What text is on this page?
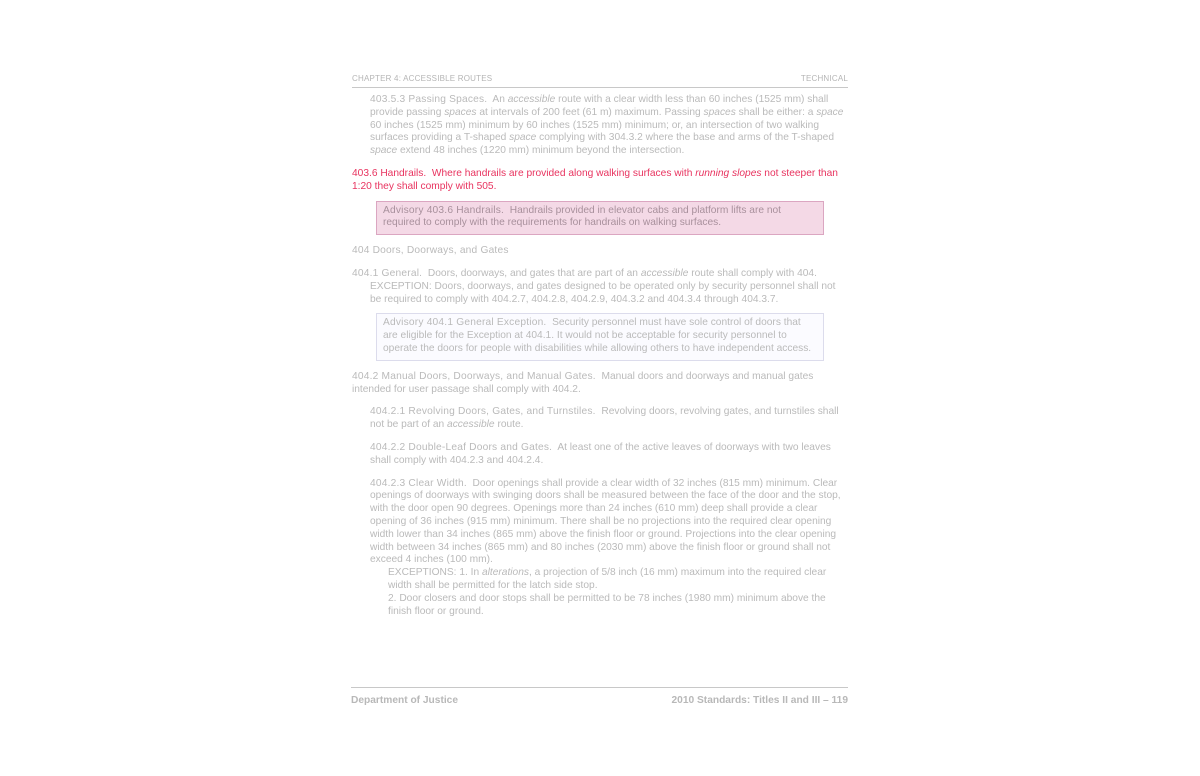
CHAPTER 4: ACCESSIBLE ROUTES	TECHNICAL

403.5.3 Passing Spaces. An accessible route with a clear width less than 60 inches (1525 mm) shall provide passing spaces at intervals of 200 feet (61 m) maximum. Passing spaces shall be either: a space 60 inches (1525 mm) minimum by 60 inches (1525 mm) minimum; or, an intersection of two walking surfaces providing a T-shaped space complying with 304.3.2 where the base and arms of the T-shaped space extend 48 inches (1220 mm) minimum beyond the intersection.

403.6 Handrails. Where handrails are provided along walking surfaces with running slopes not steeper than 1:20 they shall comply with 505.

Advisory 403.6 Handrails. Handrails provided in elevator cabs and platform lifts are not required to comply with the requirements for handrails on walking surfaces.

404 Doors, Doorways, and Gates

404.1 General. Doors, doorways, and gates that are part of an accessible route shall comply with 404.

EXCEPTION: Doors, doorways, and gates designed to be operated only by security personnel shall not be required to comply with 404.2.7, 404.2.8, 404.2.9, 404.3.2 and 404.3.4 through 404.3.7.

Advisory 404.1 General Exception. Security personnel must have sole control of doors that are eligible for the Exception at 404.1. It would not be acceptable for security personnel to operate the doors for people with disabilities while allowing others to have independent access.

404.2 Manual Doors, Doorways, and Manual Gates. Manual doors and doorways and manual gates intended for user passage shall comply with 404.2.

404.2.1 Revolving Doors, Gates, and Turnstiles. Revolving doors, revolving gates, and turnstiles shall not be part of an accessible route.

404.2.2 Double-Leaf Doors and Gates. At least one of the active leaves of doorways with two leaves shall comply with 404.2.3 and 404.2.4.

404.2.3 Clear Width. Door openings shall provide a clear width of 32 inches (815 mm) minimum. Clear openings of doorways with swinging doors shall be measured between the face of the door and the stop, with the door open 90 degrees. Openings more than 24 inches (610 mm) deep shall provide a clear opening of 36 inches (915 mm) minimum. There shall be no projections into the required clear opening width lower than 34 inches (865 mm) above the finish floor or ground. Projections into the clear opening width between 34 inches (865 mm) and 80 inches (2030 mm) above the finish floor or ground shall not exceed 4 inches (100 mm).

EXCEPTIONS: 1. In alterations, a projection of 5/8 inch (16 mm) maximum into the required clear width shall be permitted for the latch side stop.

2. Door closers and door stops shall be permitted to be 78 inches (1980 mm) minimum above the finish floor or ground.

Department of Justice	2010 Standards: Titles II and III – 119
